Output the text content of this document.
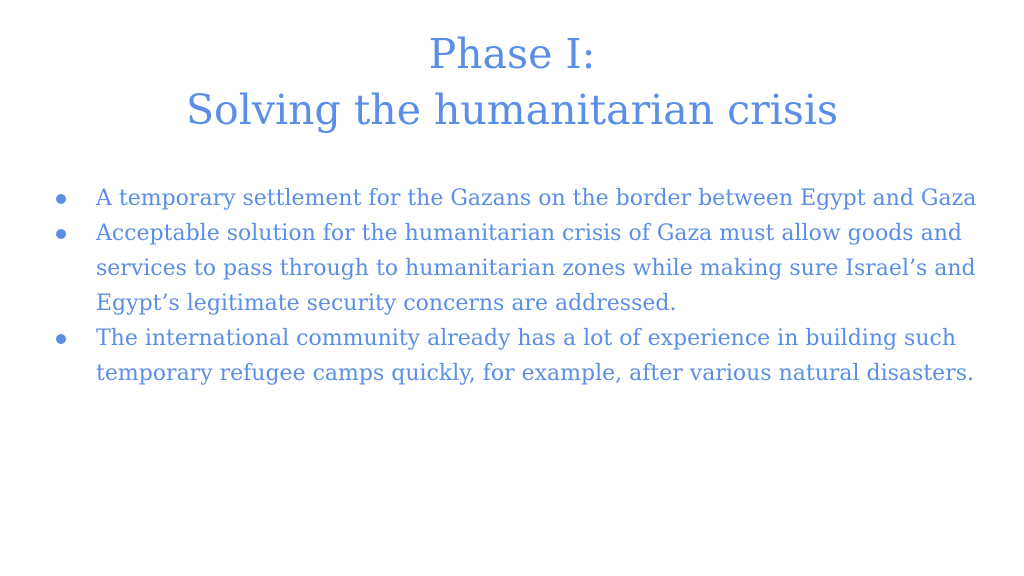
Phase I:
Solving the humanitarian crisis
A temporary settlement for the Gazans on the border between Egypt and Gaza
Acceptable solution for the humanitarian crisis of Gaza must allow goods and services to pass through to humanitarian zones while making sure Israel’s and Egypt’s legitimate security concerns are addressed.
The international community already has a lot of experience in building such temporary refugee camps quickly, for example, after various natural disasters.
